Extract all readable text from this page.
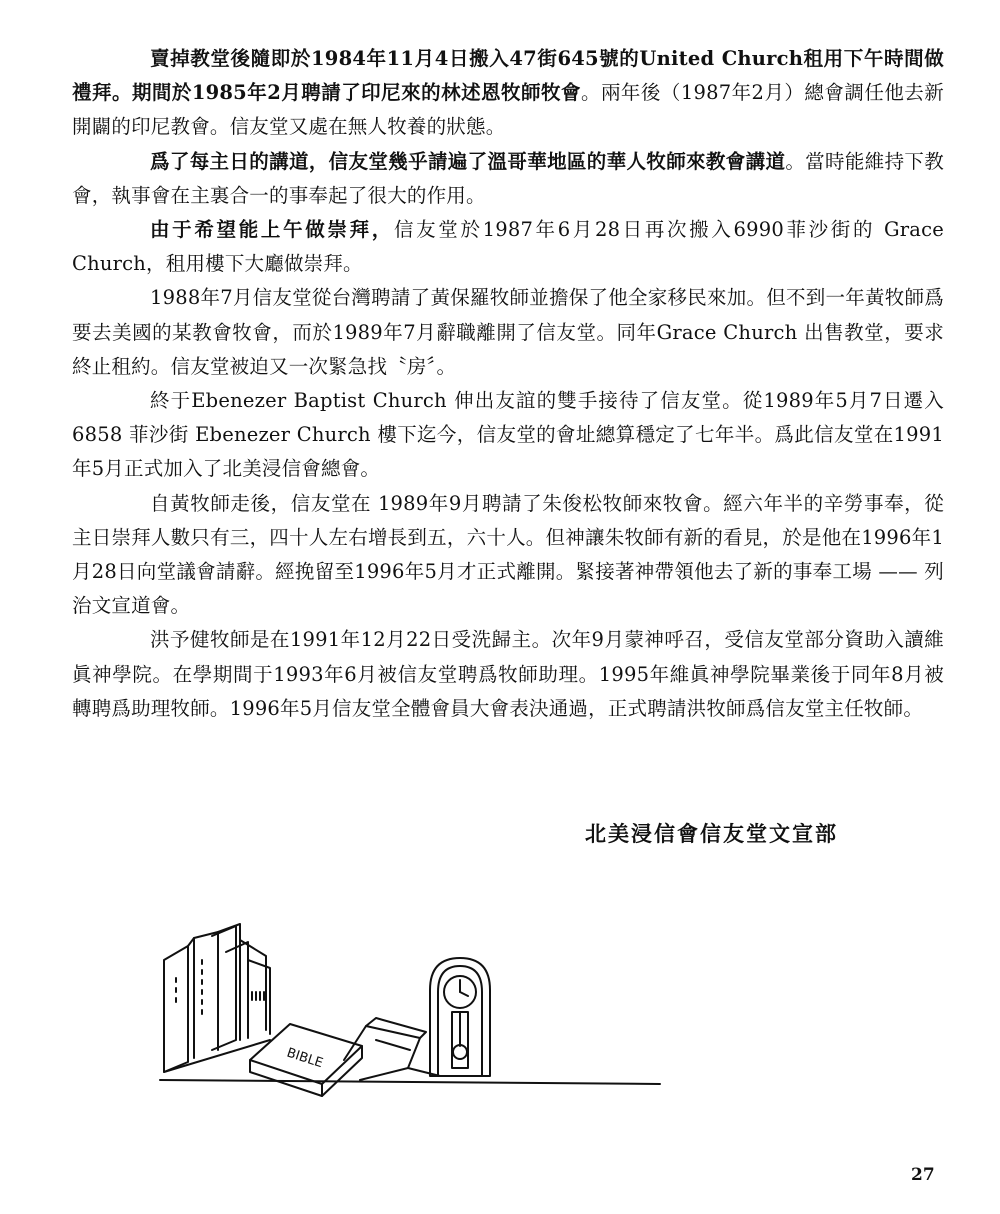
賣掉教堂後隨即於1984年11月4日搬入47街645號的United Church租用下午時間做禮拜。期間於1985年2月聘請了印尼來的林述恩牧師牧會。兩年後（1987年2月）總會調任他去新開闢的印尼教會。信友堂又處在無人牧養的狀態。

爲了每主日的講道，信友堂幾乎請遍了溫哥華地區的華人牧師來教會講道。當時能維持下教會，執事會在主裏合一的事奉起了很大的作用。

由于希望能上午做崇拜，信友堂於1987年6月28日再次搬入6990菲沙街的 Grace Church，租用樓下大廳做崇拜。

1988年7月信友堂從台灣聘請了黃保羅牧師並擔保了他全家移民來加。但不到一年黃牧師爲要去美國的某教會牧會，而於1989年7月辭職離開了信友堂。同年Grace Church 出售教堂，要求終止租約。信友堂被迫又一次緊急找〝房〞。

終于Ebenezer Baptist Church 伸出友誼的雙手接待了信友堂。從1989年5月7日遷入6858 菲沙街 Ebenezer Church 樓下迄今，信友堂的會址總算穩定了七年半。爲此信友堂在1991年5月正式加入了北美浸信會總會。

自黃牧師走後，信友堂在 1989年9月聘請了朱俊松牧師來牧會。經六年半的辛勞事奉，從主日崇拜人數只有三，四十人左右增長到五，六十人。但神讓朱牧師有新的看見，於是他在1996年1月28日向堂議會請辭。經挽留至1996年5月才正式離開。緊接著神帶領他去了新的事奉工場 —— 列治文宣道會。

洪予健牧師是在1991年12月22日受洗歸主。次年9月蒙神呼召，受信友堂部分資助入讀維眞神學院。在學期間于1993年6月被信友堂聘爲牧師助理。1995年維眞神學院畢業後于同年8月被轉聘爲助理牧師。1996年5月信友堂全體會員大會表決通過，正式聘請洪牧師爲信友堂主任牧師。

北美浸信會信友堂文宣部
BIBLE
27
